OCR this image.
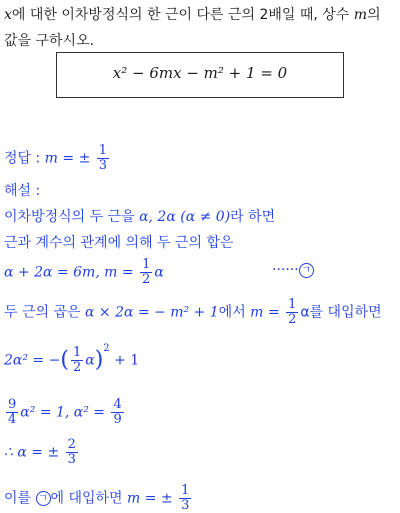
x에 대한 이차방정식의 한 근이 다른 근의 2배일 때, 상수 m의
값을 구하시오.
x² − 6mx − m² + 1 = 0
정답 : m = ± $\frac{1}{3}$
해설 :
이차방정식의 두 근을 α, 2α (α ≠ 0)라 하면
근과 계수의 관계에 의해 두 근의 합은
α + 2α = 6m, $m = \frac{1}{2}$ α	······ ㄱ
두 근의 곱은 α × 2α = − m² + 1에서 $m = \frac{1}{2}$ α를 대입하면
2α² = −( $\frac{1}{2} \alpha)^2 + 1$
$\frac{9}{4} \alpha^2 = 1$, $\alpha^2 = \frac{4}{9}$
∴ α = ± $\frac{2}{3}$
이를 ㄱ 에 대입하면 m = ± $\frac{1}{3}$
